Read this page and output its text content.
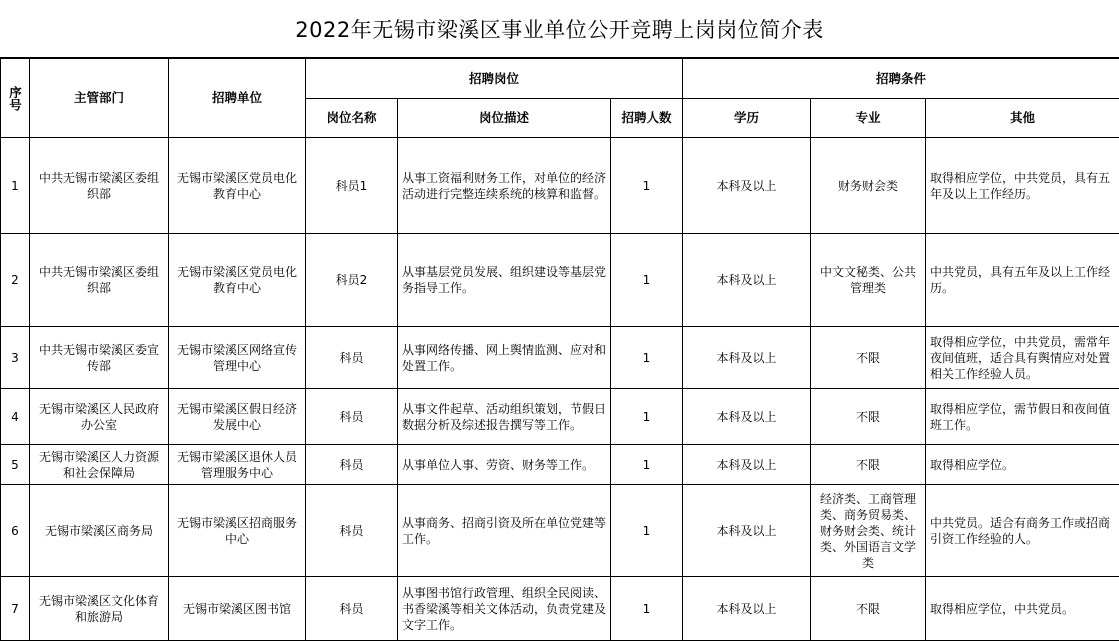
2022年无锡市梁溪区事业单位公开竞聘上岗岗位简介表
序号	主管部门	招聘单位	招聘岗位			招聘条件		
			岗位名称	岗位描述	招聘人数	学历	专业	其他
1	中共无锡市梁溪区委组织部	无锡市梁溪区党员电化教育中心	科员1	从事工资福利财务工作，对单位的经济活动进行完整连续系统的核算和监督。	1	本科及以上	财务财会类	取得相应学位，中共党员，具有五年及以上工作经历。
2	中共无锡市梁溪区委组织部	无锡市梁溪区党员电化教育中心	科员2	从事基层党员发展、组织建设等基层党务指导工作。	1	本科及以上	中文文秘类、公共管理类	中共党员，具有五年及以上工作经历。
3	中共无锡市梁溪区委宣传部	无锡市梁溪区网络宣传管理中心	科员	从事网络传播、网上舆情监测、应对和处置工作。	1	本科及以上	不限	取得相应学位，中共党员，需常年夜间值班，适合具有舆情应对处置相关工作经验人员。
4	无锡市梁溪区人民政府办公室	无锡市梁溪区假日经济发展中心	科员	从事文件起草、活动组织策划，节假日数据分析及综述报告撰写等工作。	1	本科及以上	不限	取得相应学位，需节假日和夜间值班工作。
5	无锡市梁溪区人力资源和社会保障局	无锡市梁溪区退休人员管理服务中心	科员	从事单位人事、劳资、财务等工作。	1	本科及以上	不限	取得相应学位。
6	无锡市梁溪区商务局	无锡市梁溪区招商服务中心	科员	从事商务、招商引资及所在单位党建等工作。	1	本科及以上	经济类、工商管理类、商务贸易类、财务财会类、统计类、外国语言文学类	中共党员。适合有商务工作或招商引资工作经验的人。
7	无锡市梁溪区文化体育和旅游局	无锡市梁溪区图书馆	科员	从事图书馆行政管理、组织全民阅读、书香梁溪等相关文体活动，负责党建及文字工作。	1	本科及以上	不限	取得相应学位，中共党员。
